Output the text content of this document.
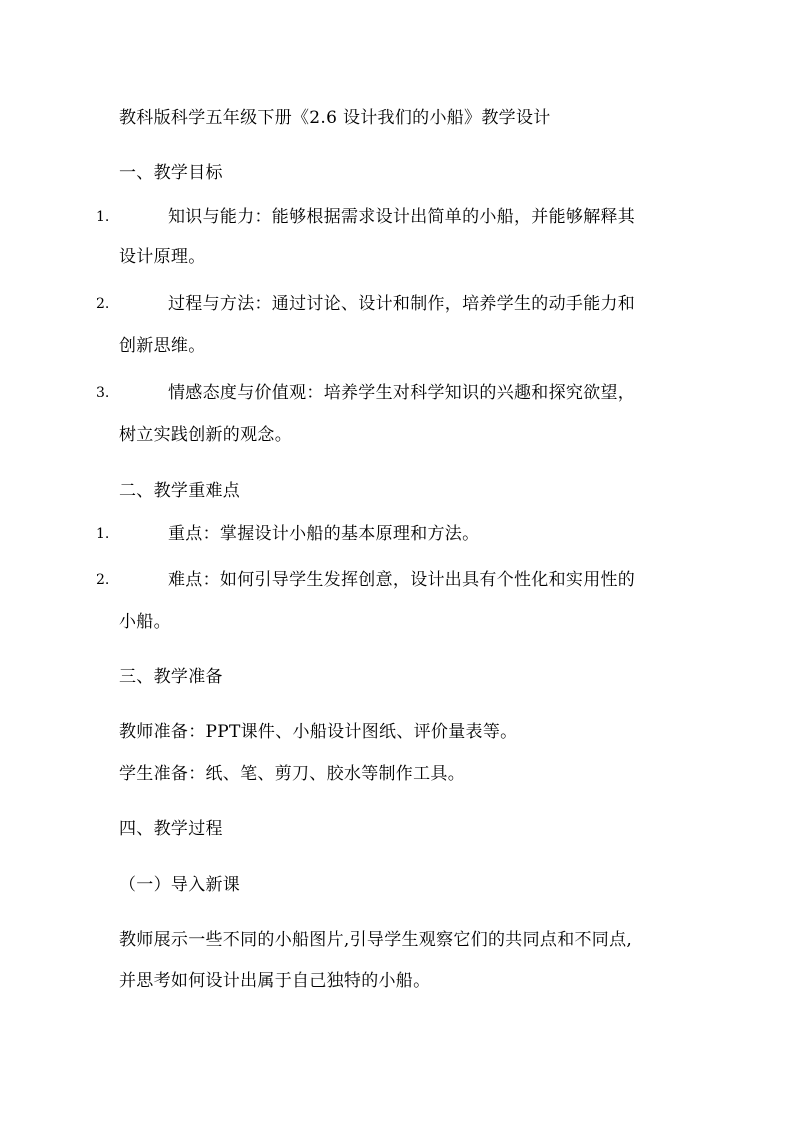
教科版科学五年级下册《2.6 设计我们的小船》教学设计
一、教学目标
1.	知识与能力：能够根据需求设计出简单的小船，并能够解释其
设计原理。
2.	过程与方法：通过讨论、设计和制作，培养学生的动手能力和
创新思维。
3.	情感态度与价值观：培养学生对科学知识的兴趣和探究欲望，
树立实践创新的观念。
二、教学重难点
1.	重点：掌握设计小船的基本原理和方法。
2.	难点：如何引导学生发挥创意，设计出具有个性化和实用性的
小船。
三、教学准备
教师准备：PPT课件、小船设计图纸、评价量表等。
学生准备：纸、笔、剪刀、胶水等制作工具。
四、教学过程
（一）导入新课
教师展示一些不同的小船图片,引导学生观察它们的共同点和不同点,
并思考如何设计出属于自己独特的小船。
